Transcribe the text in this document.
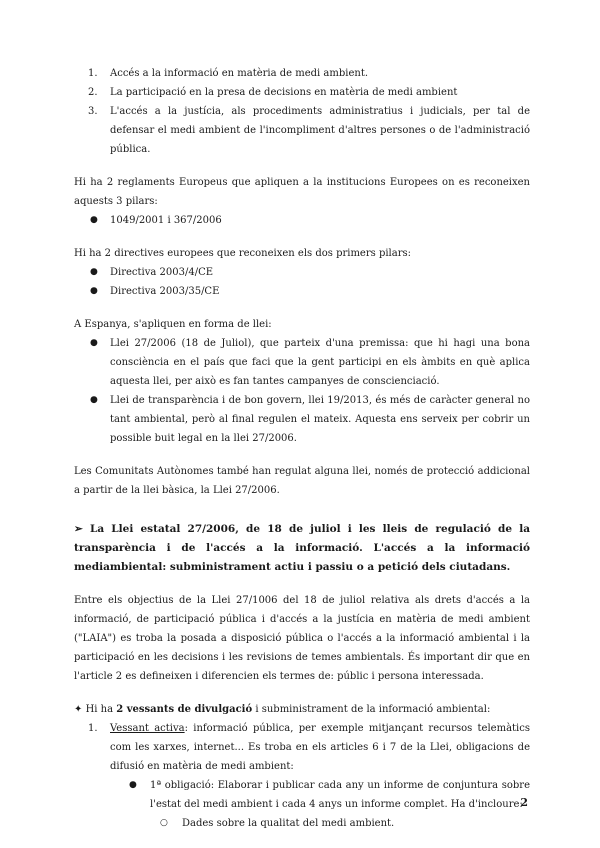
1. Accés a la informació en matèria de medi ambient.
2. La participació en la presa de decisions en matèria de medi ambient
3. L'accés a la justícia, als procediments administratius i judicials, per tal de defensar el medi ambient de l'incompliment d'altres persones o de l'administració pública.

Hi ha 2 reglaments Europeus que apliquen a la institucions Europees on es reconeixen aquests 3 pilars:

● 1049/2001 i 367/2006

Hi ha 2 directives europees que reconeixen els dos primers pilars:

● Directiva 2003/4/CE
● Directiva 2003/35/CE

A Espanya, s'apliquen en forma de llei:

● Llei 27/2006 (18 de Juliol), que parteix d'una premissa: que hi hagi una bona consciència en el país que faci que la gent participi en els àmbits en què aplica aquesta llei, per això es fan tantes campanyes de conscienciació.
● Llei de transparència i de bon govern, llei 19/2013, és més de caràcter general no tant ambiental, però al final regulen el mateix. Aquesta ens serveix per cobrir un possible buit legal en la llei 27/2006.

Les Comunitats Autònomes també han regulat alguna llei, només de protecció addicional a partir de la llei bàsica, la Llei 27/2006.

➢ La Llei estatal 27/2006, de 18 de juliol i les lleis de regulació de la transparència i de l'accés a la informació. L'accés a la informació mediambiental: subministrament actiu i passiu o a petició dels ciutadans.

Entre els objectius de la Llei 27/1006 del 18 de juliol relativa als drets d'accés a la informació, de participació pública i d'accés a la justícia en matèria de medi ambient ("LAIA") es troba la posada a disposició pública o l'accés a la informació ambiental i la participació en les decisions i les revisions de temes ambientals. És important dir que en l'article 2 es defineixen i diferencien els termes de: públic i persona interessada.

✦ Hi ha 2 vessants de divulgació i subministrament de la informació ambiental:

1. Vessant activa: informació pública, per exemple mitjançant recursos telemàtics com les xarxes, internet... Es troba en els articles 6 i 7 de la Llei, obligacions de difusió en matèria de medi ambient:
● 1ª obligació: Elaborar i publicar cada any un informe de conjuntura sobre l'estat del medi ambient i cada 4 anys un informe complet. Ha d'incloure:
○ Dades sobre la qualitat del medi ambient.
2
